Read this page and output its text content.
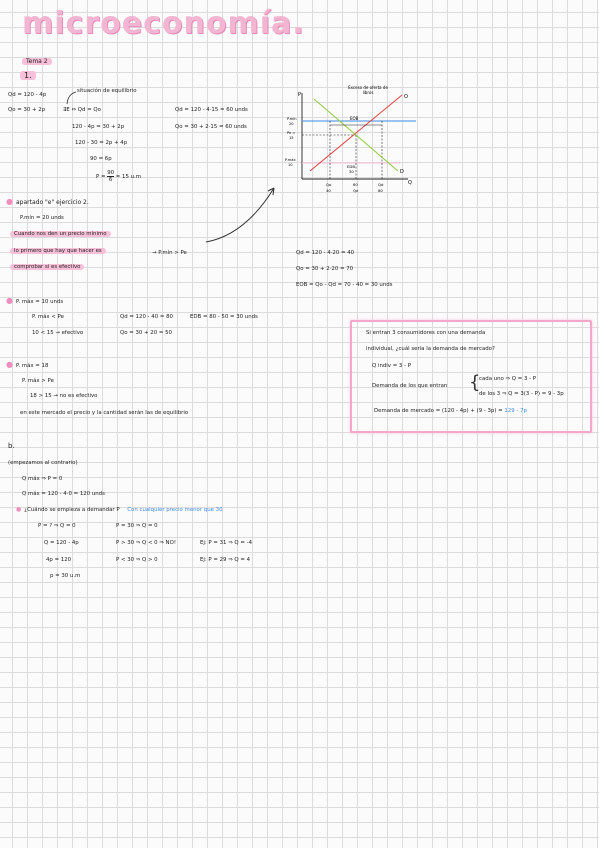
microeconomía.
Tema 2
1.
Qd = 120 - 4p
Qo = 30 + 2p
situación de equilibrio
∃E ⇔ Qd = Qo
120 - 4p = 30 + 2p
120 - 30 = 2p + 4p
90 = 6p
$P = \frac{90}{6} = 15$ u.m
Qd = 120 - 4·15 = 60 unds
Qo = 30 + 2·15 = 60 unds
P
Q
Exceso de oferta de
libros
O
D
EOB
EDB
30
P.mín
20
Pe =
15
P.máx
10
Qo
40
60
Qe
Qd
80
● apartado "e" ejercicio 2.
P.mín = 20 unds
Cuando nos den un precio mínimo
lo primero que hay que hacer es	→ P.mín > Pe
comprobar si es efectivo
Qd = 120 - 4·20 = 40
Qo = 30 + 2·20 = 70
EOB = Qo - Qd = 70 - 40 = 30 unds
● P. máx = 10 unds
P. máx < Pe	Qd = 120 - 40 = 80	EDB = 80 - 50 = 30 unds
10 < 15 → efectivo	Qo = 30 + 20 = 50
● P. máx = 18
P. máx > Pe
18 > 15 → no es efectivo
en este mercado el precio y la cantidad serán las de equilibrio
Si entran 3 consumidores con una demanda
individual, ¿cuál sería la demanda de mercado?
Q indiv = 3 - P
Demanda de los que entran {
cada uno ⇒ Q = 3 - P
de los 3 ⇒ Q = 3(3 - P) = 9 - 3p
Demanda de mercado = (120 - 4p) + (9 - 3p) = 129 - 7p
b.
(empezamos al contrario)
Q máx ⇒ P = 0
Q máx = 120 - 4·0 = 120 unds
● ¿Cuándo se empieza a demandar P Con cualquier precio menor que 30
P = ? ⇒ Q = 0
Q = 120 - 4p
4p = 120
p = 30 u.m
P = 30 ⇒ Q = 0
P > 30 ⇒ Q < 0 ⇒ NO!
P < 30 ⇒ Q > 0
Ej: P = 31 ⇒ Q = -4
Ej: P = 29 ⇒ Q = 4
